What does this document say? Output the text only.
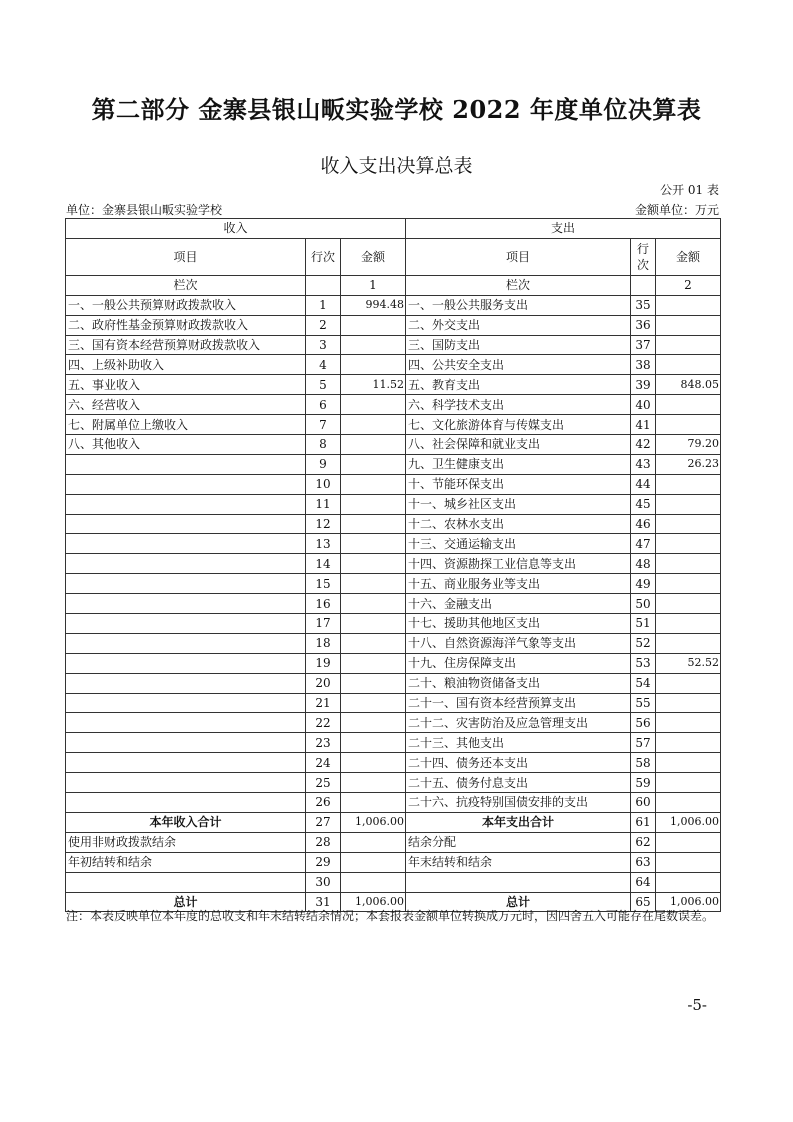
第二部分 金寨县银山畈实验学校 2022 年度单位决算表
收入支出决算总表
公开 01 表
单位：金寨县银山畈实验学校	金额单位：万元
收入			支出		
项目	行次	金额	项目	行次	金额
栏次		1	栏次		2
一、一般公共预算财政拨款收入	1	994.48	一、一般公共服务支出	35	
二、政府性基金预算财政拨款收入	2		二、外交支出	36	
三、国有资本经营预算财政拨款收入	3		三、国防支出	37	
四、上级补助收入	4		四、公共安全支出	38	
五、事业收入	5	11.52	五、教育支出	39	848.05
六、经营收入	6		六、科学技术支出	40	
七、附属单位上缴收入	7		七、文化旅游体育与传媒支出	41	
八、其他收入	8		八、社会保障和就业支出	42	79.20
	9		九、卫生健康支出	43	26.23
	10		十、节能环保支出	44	
	11		十一、城乡社区支出	45	
	12		十二、农林水支出	46	
	13		十三、交通运输支出	47	
	14		十四、资源勘探工业信息等支出	48	
	15		十五、商业服务业等支出	49	
	16		十六、金融支出	50	
	17		十七、援助其他地区支出	51	
	18		十八、自然资源海洋气象等支出	52	
	19		十九、住房保障支出	53	52.52
	20		二十、粮油物资储备支出	54	
	21		二十一、国有资本经营预算支出	55	
	22		二十二、灾害防治及应急管理支出	56	
	23		二十三、其他支出	57	
	24		二十四、债务还本支出	58	
	25		二十五、债务付息支出	59	
	26		二十六、抗疫特别国债安排的支出	60	
本年收入合计	27	1,006.00	本年支出合计	61	1,006.00
使用非财政拨款结余	28		结余分配	62	
年初结转和结余	29		年末结转和结余	63	
	30			64	
总计	31	1,006.00	总计	65	1,006.00
注：本表反映单位本年度的总收支和年末结转结余情况；本套报表金额单位转换成万元时，因四舍五入可能存在尾数误差。
-5-
